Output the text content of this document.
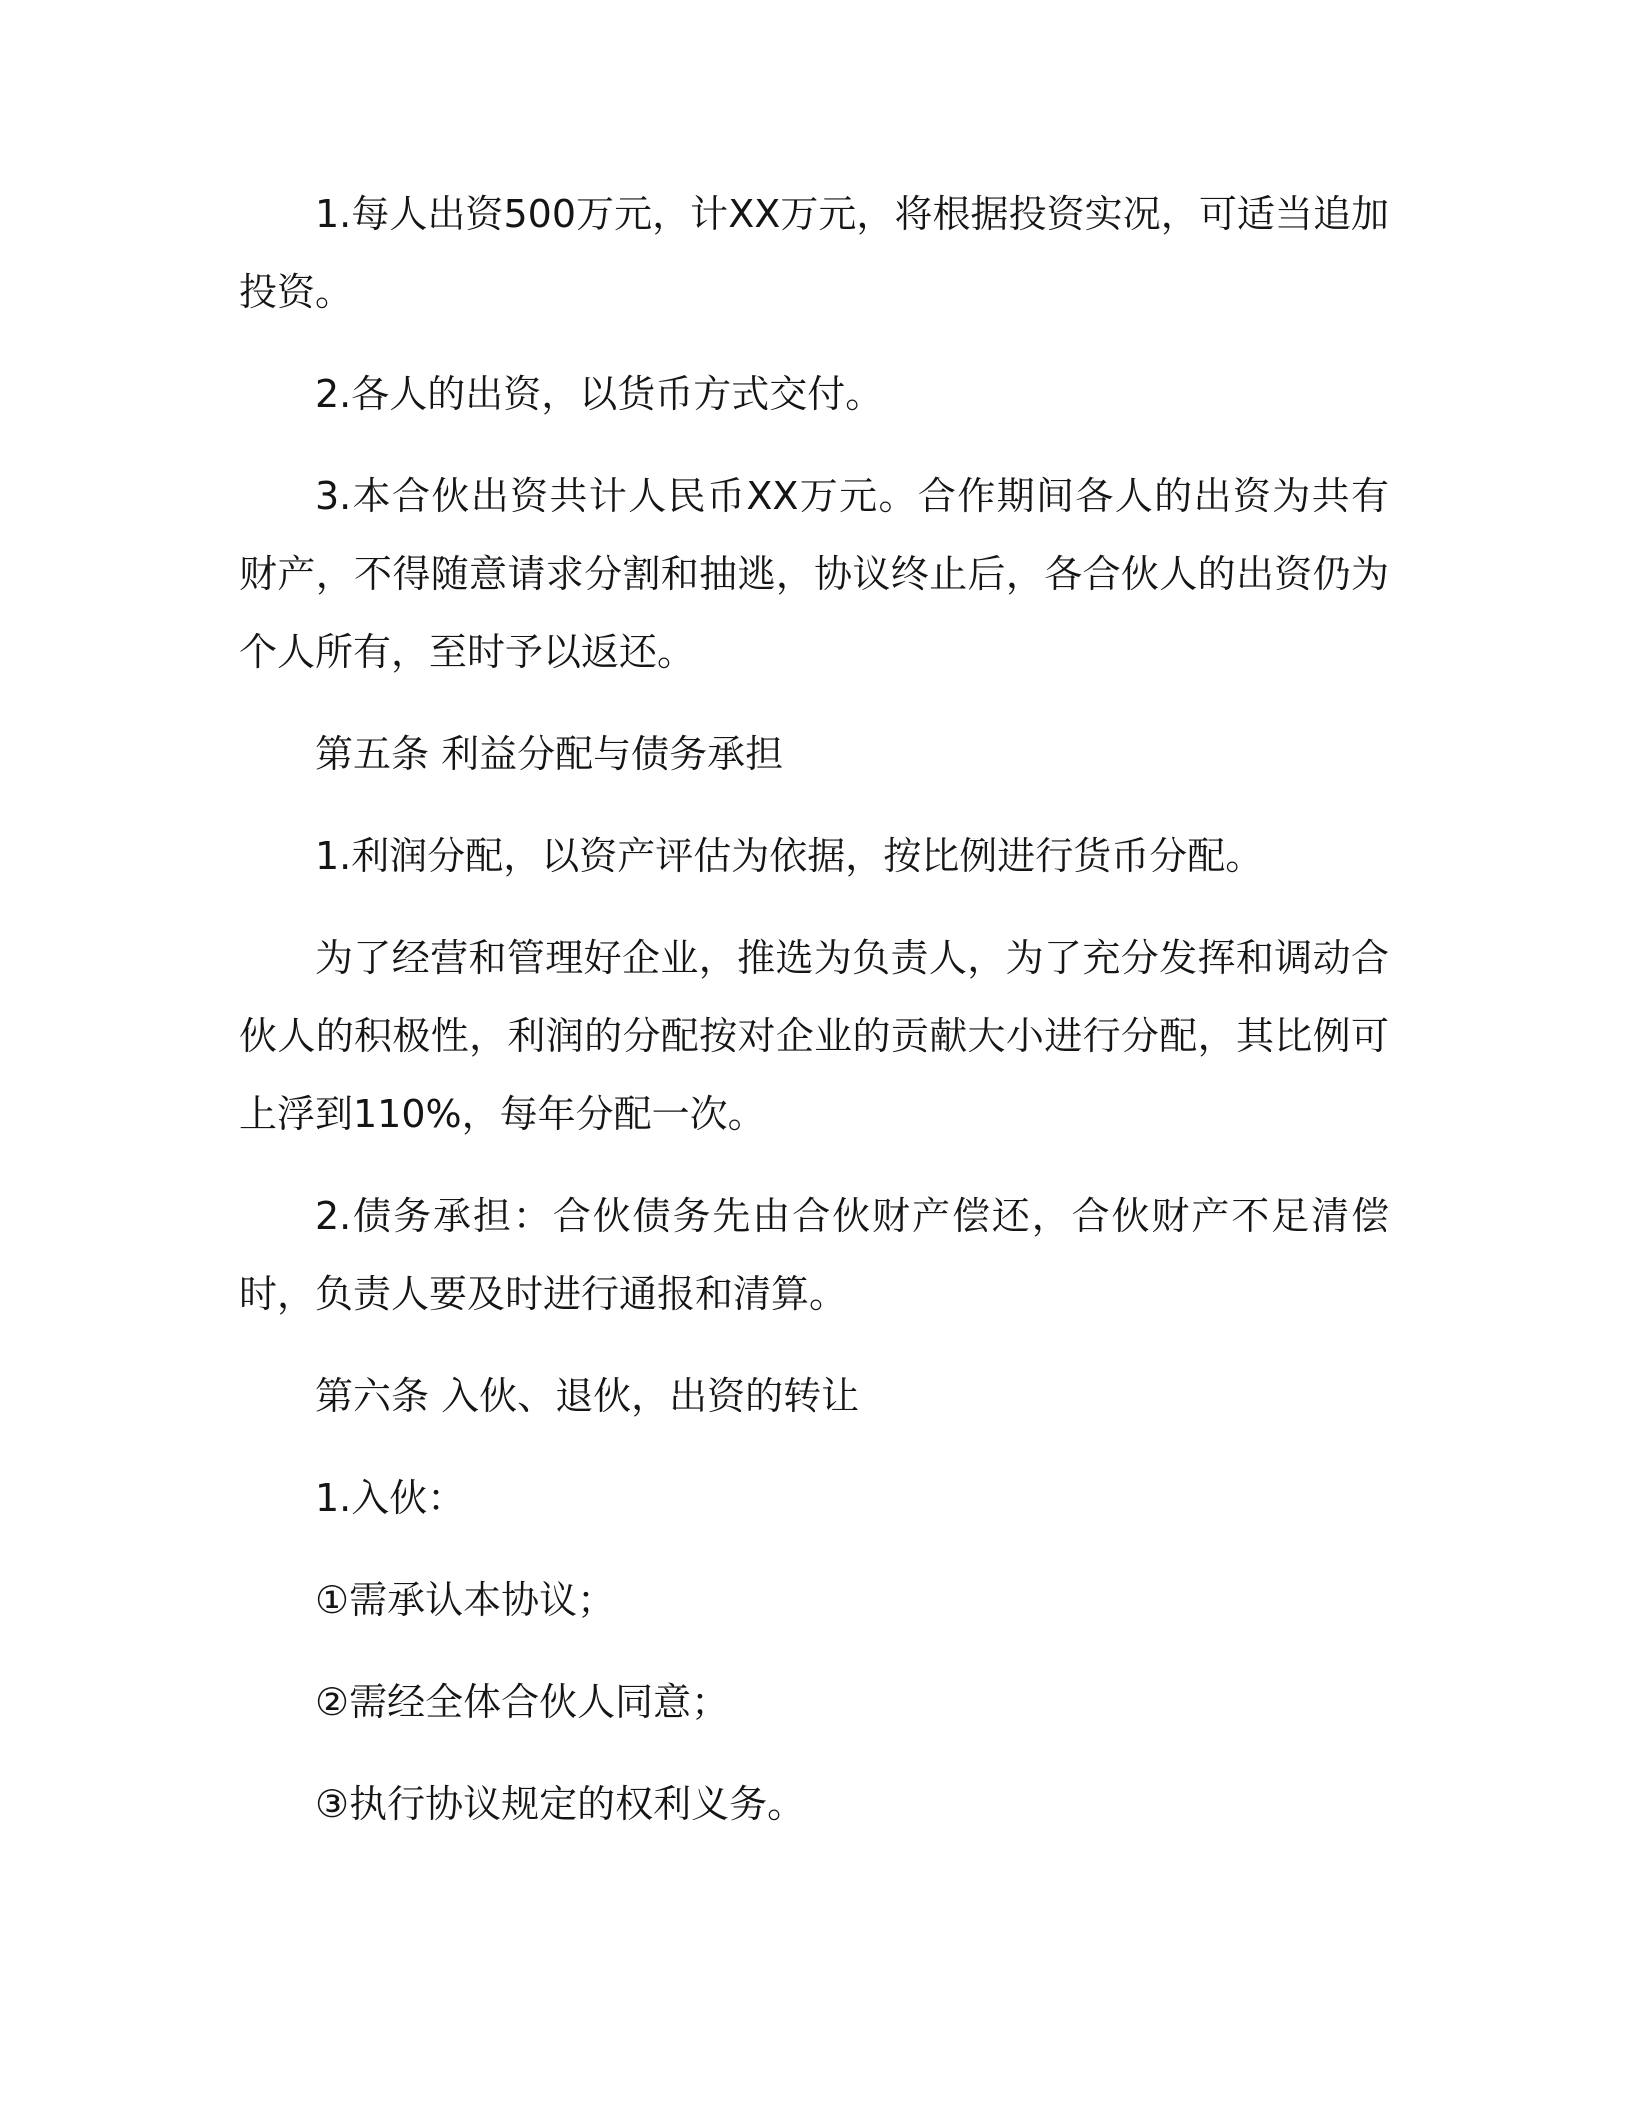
1.每人出资500万元，计XX万元，将根据投资实况，可适当追加投资。

2.各人的出资，以货币方式交付。

3.本合伙出资共计人民币XX万元。合作期间各人的出资为共有财产，不得随意请求分割和抽逃，协议终止后，各合伙人的出资仍为个人所有，至时予以返还。

第五条 利益分配与债务承担

1.利润分配，以资产评估为依据，按比例进行货币分配。

为了经营和管理好企业，推选为负责人，为了充分发挥和调动合伙人的积极性，利润的分配按对企业的贡献大小进行分配，其比例可上浮到110%，每年分配一次。

2.债务承担：合伙债务先由合伙财产偿还，合伙财产不足清偿时，负责人要及时进行通报和清算。

第六条 入伙、退伙，出资的转让

1.入伙：

①需承认本协议；

②需经全体合伙人同意；

③执行协议规定的权利义务。
